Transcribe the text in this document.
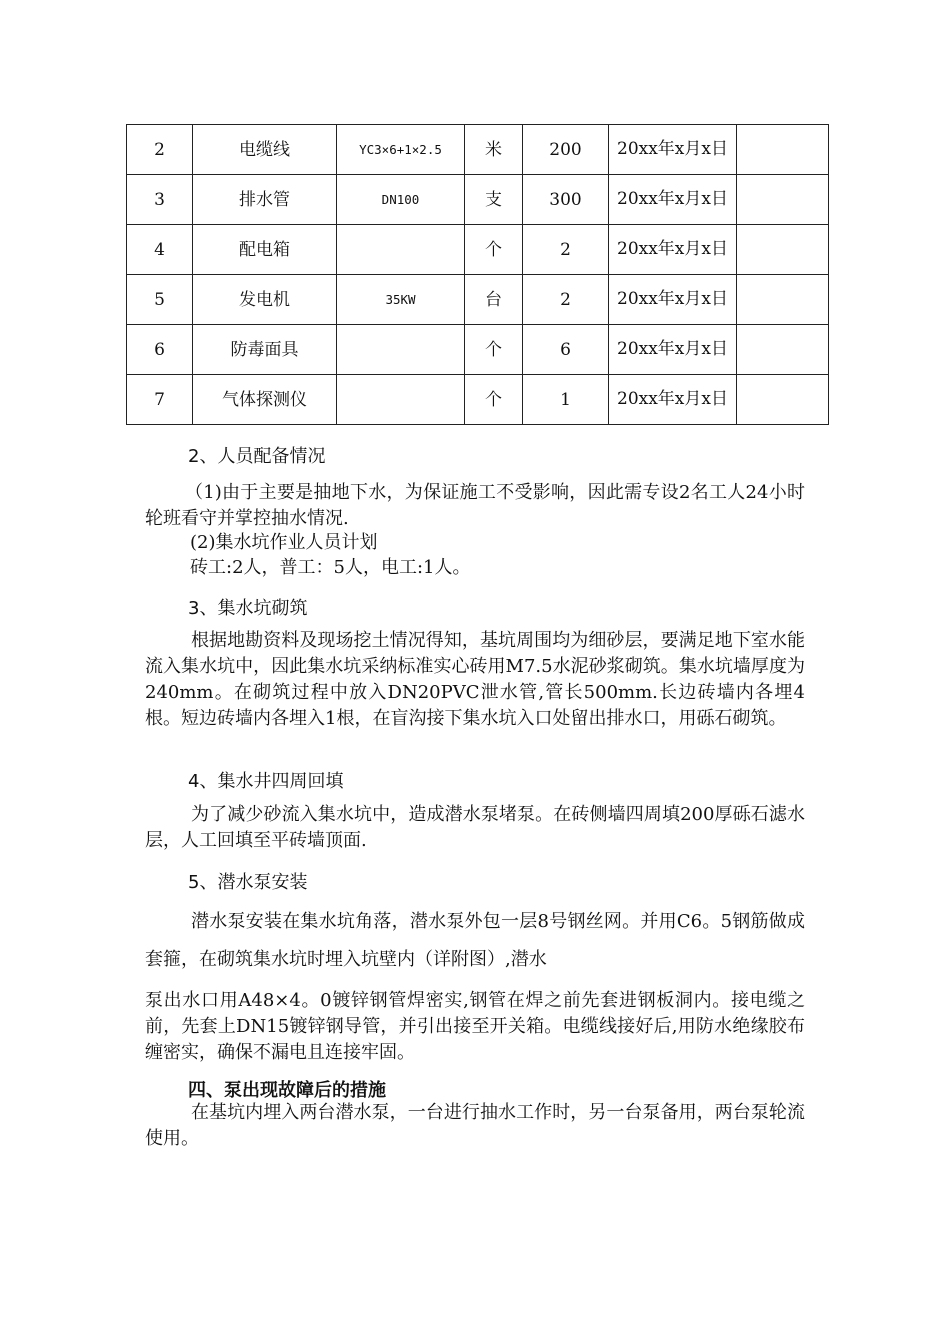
2	电缆线	YC3×6+1×2.5	米	200	20xx年x月x日	
3	排水管	DN100	支	300	20xx年x月x日	
4	配电箱		个	2	20xx年x月x日	
5	发电机	35KW	台	2	20xx年x月x日	
6	防毒面具		个	6	20xx年x月x日	
7	气体探测仪		个	1	20xx年x月x日	
2、人员配备情况
（1)由于主要是抽地下水，为保证施工不受影响，因此需专设2名工人24小时轮班看守并掌控抽水情况.
(2)集水坑作业人员计划
砖工:2人，普工：5人，电工:1人。
3、集水坑砌筑
根据地勘资料及现场挖土情况得知，基坑周围均为细砂层，要满足地下室水能流入集水坑中，因此集水坑采纳标准实心砖用M7.5水泥砂浆砌筑。集水坑墙厚度为240mm。在砌筑过程中放入DN20PVC泄水管,管长500mm.长边砖墙内各埋4根。短边砖墙内各埋入1根，在盲沟接下集水坑入口处留出排水口，用砾石砌筑。
4、集水井四周回填
为了减少砂流入集水坑中，造成潜水泵堵泵。在砖侧墙四周填200厚砾石滤水层，人工回填至平砖墙顶面.
5、潜水泵安装
潜水泵安装在集水坑角落，潜水泵外包一层8号钢丝网。并用C6。5钢筋做成套箍，在砌筑集水坑时埋入坑壁内（详附图）,潜水
泵出水口用A48×4。0镀锌钢管焊密实,钢管在焊之前先套进钢板洞内。接电缆之前，先套上DN15镀锌钢导管，并引出接至开关箱。电缆线接好后,用防水绝缘胶布缠密实，确保不漏电且连接牢固。
四、泵出现故障后的措施
在基坑内埋入两台潜水泵，一台进行抽水工作时，另一台泵备用，两台泵轮流使用。
